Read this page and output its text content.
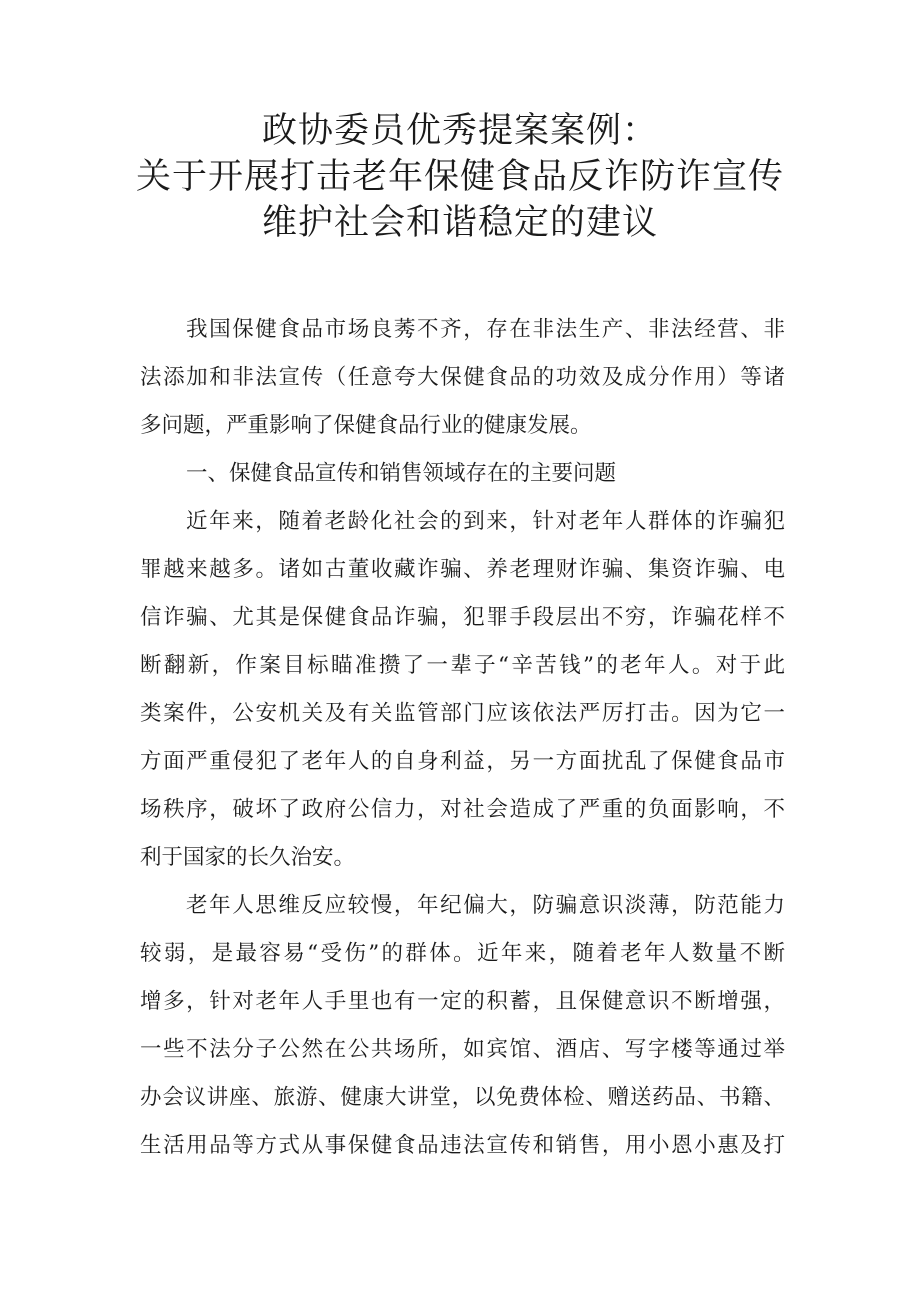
政协委员优秀提案案例：
关于开展打击老年保健食品反诈防诈宣传
维护社会和谐稳定的建议
我国保健食品市场良莠不齐，存在非法生产、非法经营、非
法添加和非法宣传（任意夸大保健食品的功效及成分作用）等诸
多问题，严重影响了保健食品行业的健康发展。
一、保健食品宣传和销售领域存在的主要问题
近年来，随着老龄化社会的到来，针对老年人群体的诈骗犯
罪越来越多。诸如古董收藏诈骗、养老理财诈骗、集资诈骗、电
信诈骗、尤其是保健食品诈骗，犯罪手段层出不穷，诈骗花样不
断翻新，作案目标瞄准攒了一辈子“辛苦钱”的老年人。对于此
类案件，公安机关及有关监管部门应该依法严厉打击。因为它一
方面严重侵犯了老年人的自身利益，另一方面扰乱了保健食品市
场秩序，破坏了政府公信力，对社会造成了严重的负面影响，不
利于国家的长久治安。
老年人思维反应较慢，年纪偏大，防骗意识淡薄，防范能力
较弱，是最容易“受伤”的群体。近年来，随着老年人数量不断
增多，针对老年人手里也有一定的积蓄，且保健意识不断增强，
一些不法分子公然在公共场所，如宾馆、酒店、写字楼等通过举
办会议讲座、旅游、健康大讲堂，以免费体检、赠送药品、书籍、
生活用品等方式从事保健食品违法宣传和销售，用小恩小惠及打
